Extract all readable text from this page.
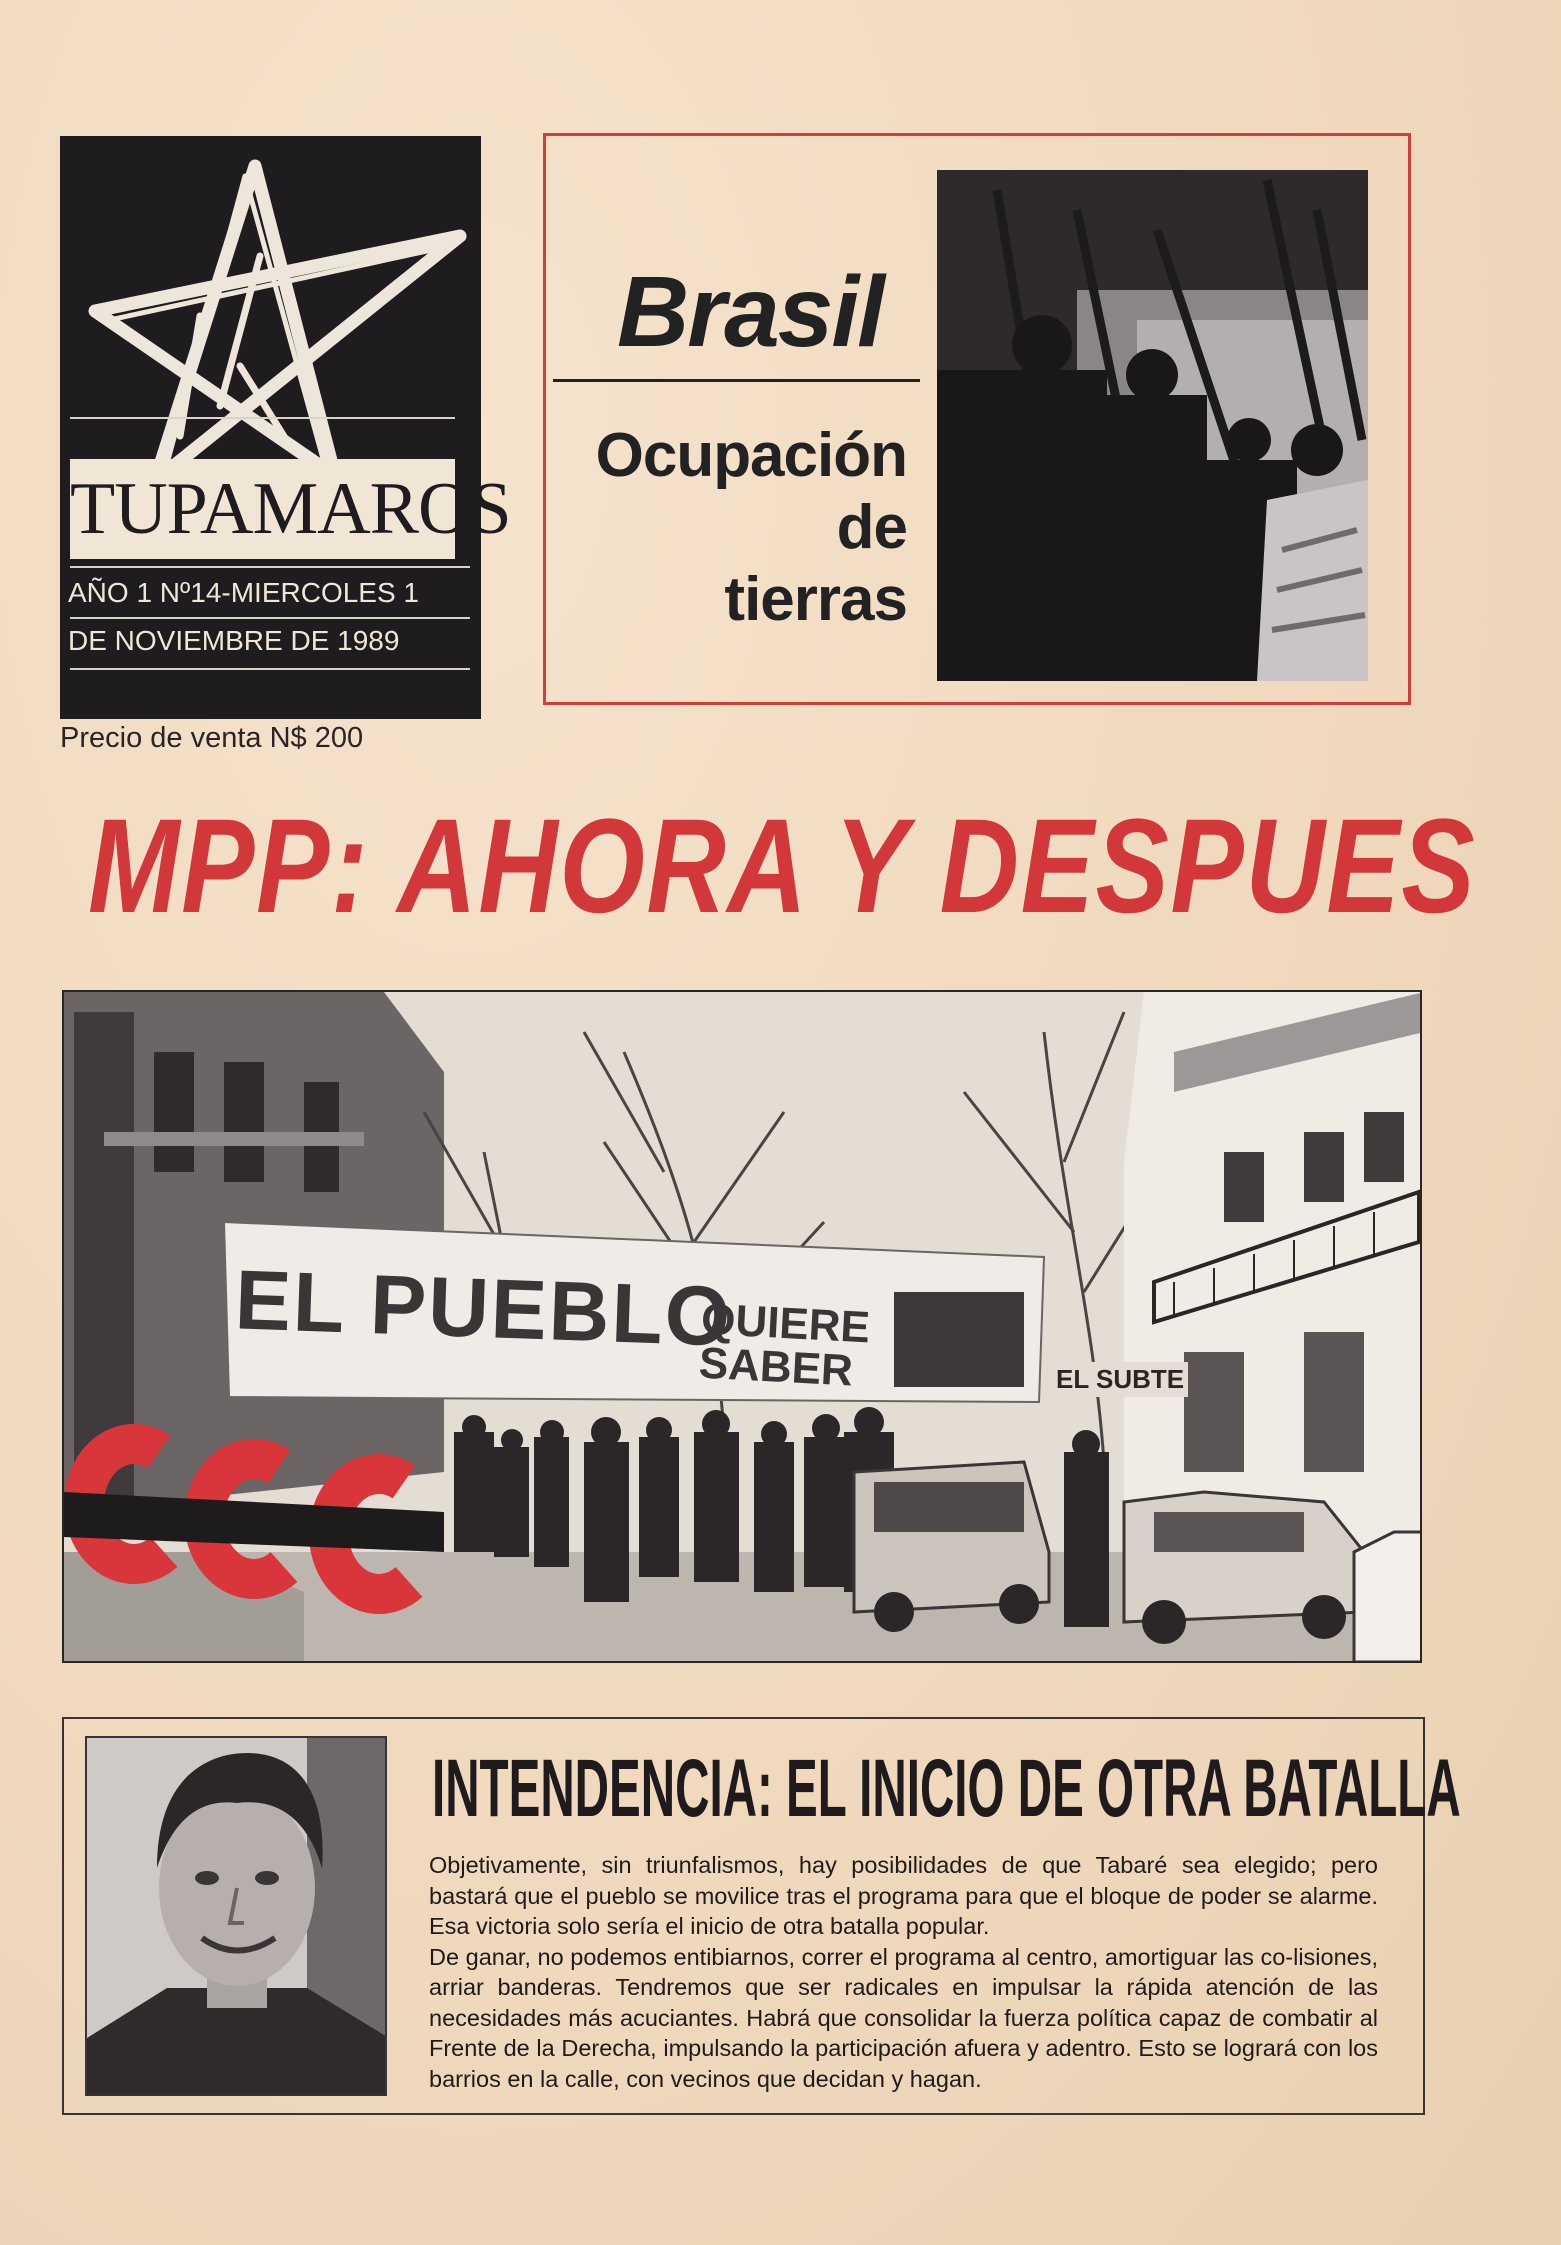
TUPAMAROS
AÑO 1 Nº14-MIERCOLES 1
DE NOVIEMBRE DE 1989
Precio de venta N$ 200
Brasil
Ocupación
de
tierras
MPP: AHORA Y DESPUES
EL PUEBLO
QUIERE
SABER	EL SUBTE
INTENDENCIA: EL INICIO DE OTRA BATALLA

Objetivamente, sin triunfalismos, hay posibilidades de que Tabaré sea elegido; pero bastará que el pueblo se movilice tras el programa para que el bloque de poder se alarme. Esa victoria solo sería el inicio de otra batalla popular.

De ganar, no podemos entibiarnos, correr el programa al centro, amortiguar las co-lisiones, arriar banderas. Tendremos que ser radicales en impulsar la rápida atención de las necesidades más acuciantes. Habrá que consolidar la fuerza política capaz de combatir al Frente de la Derecha, impulsando la participación afuera y adentro. Esto se logrará con los barrios en la calle, con vecinos que decidan y hagan.
